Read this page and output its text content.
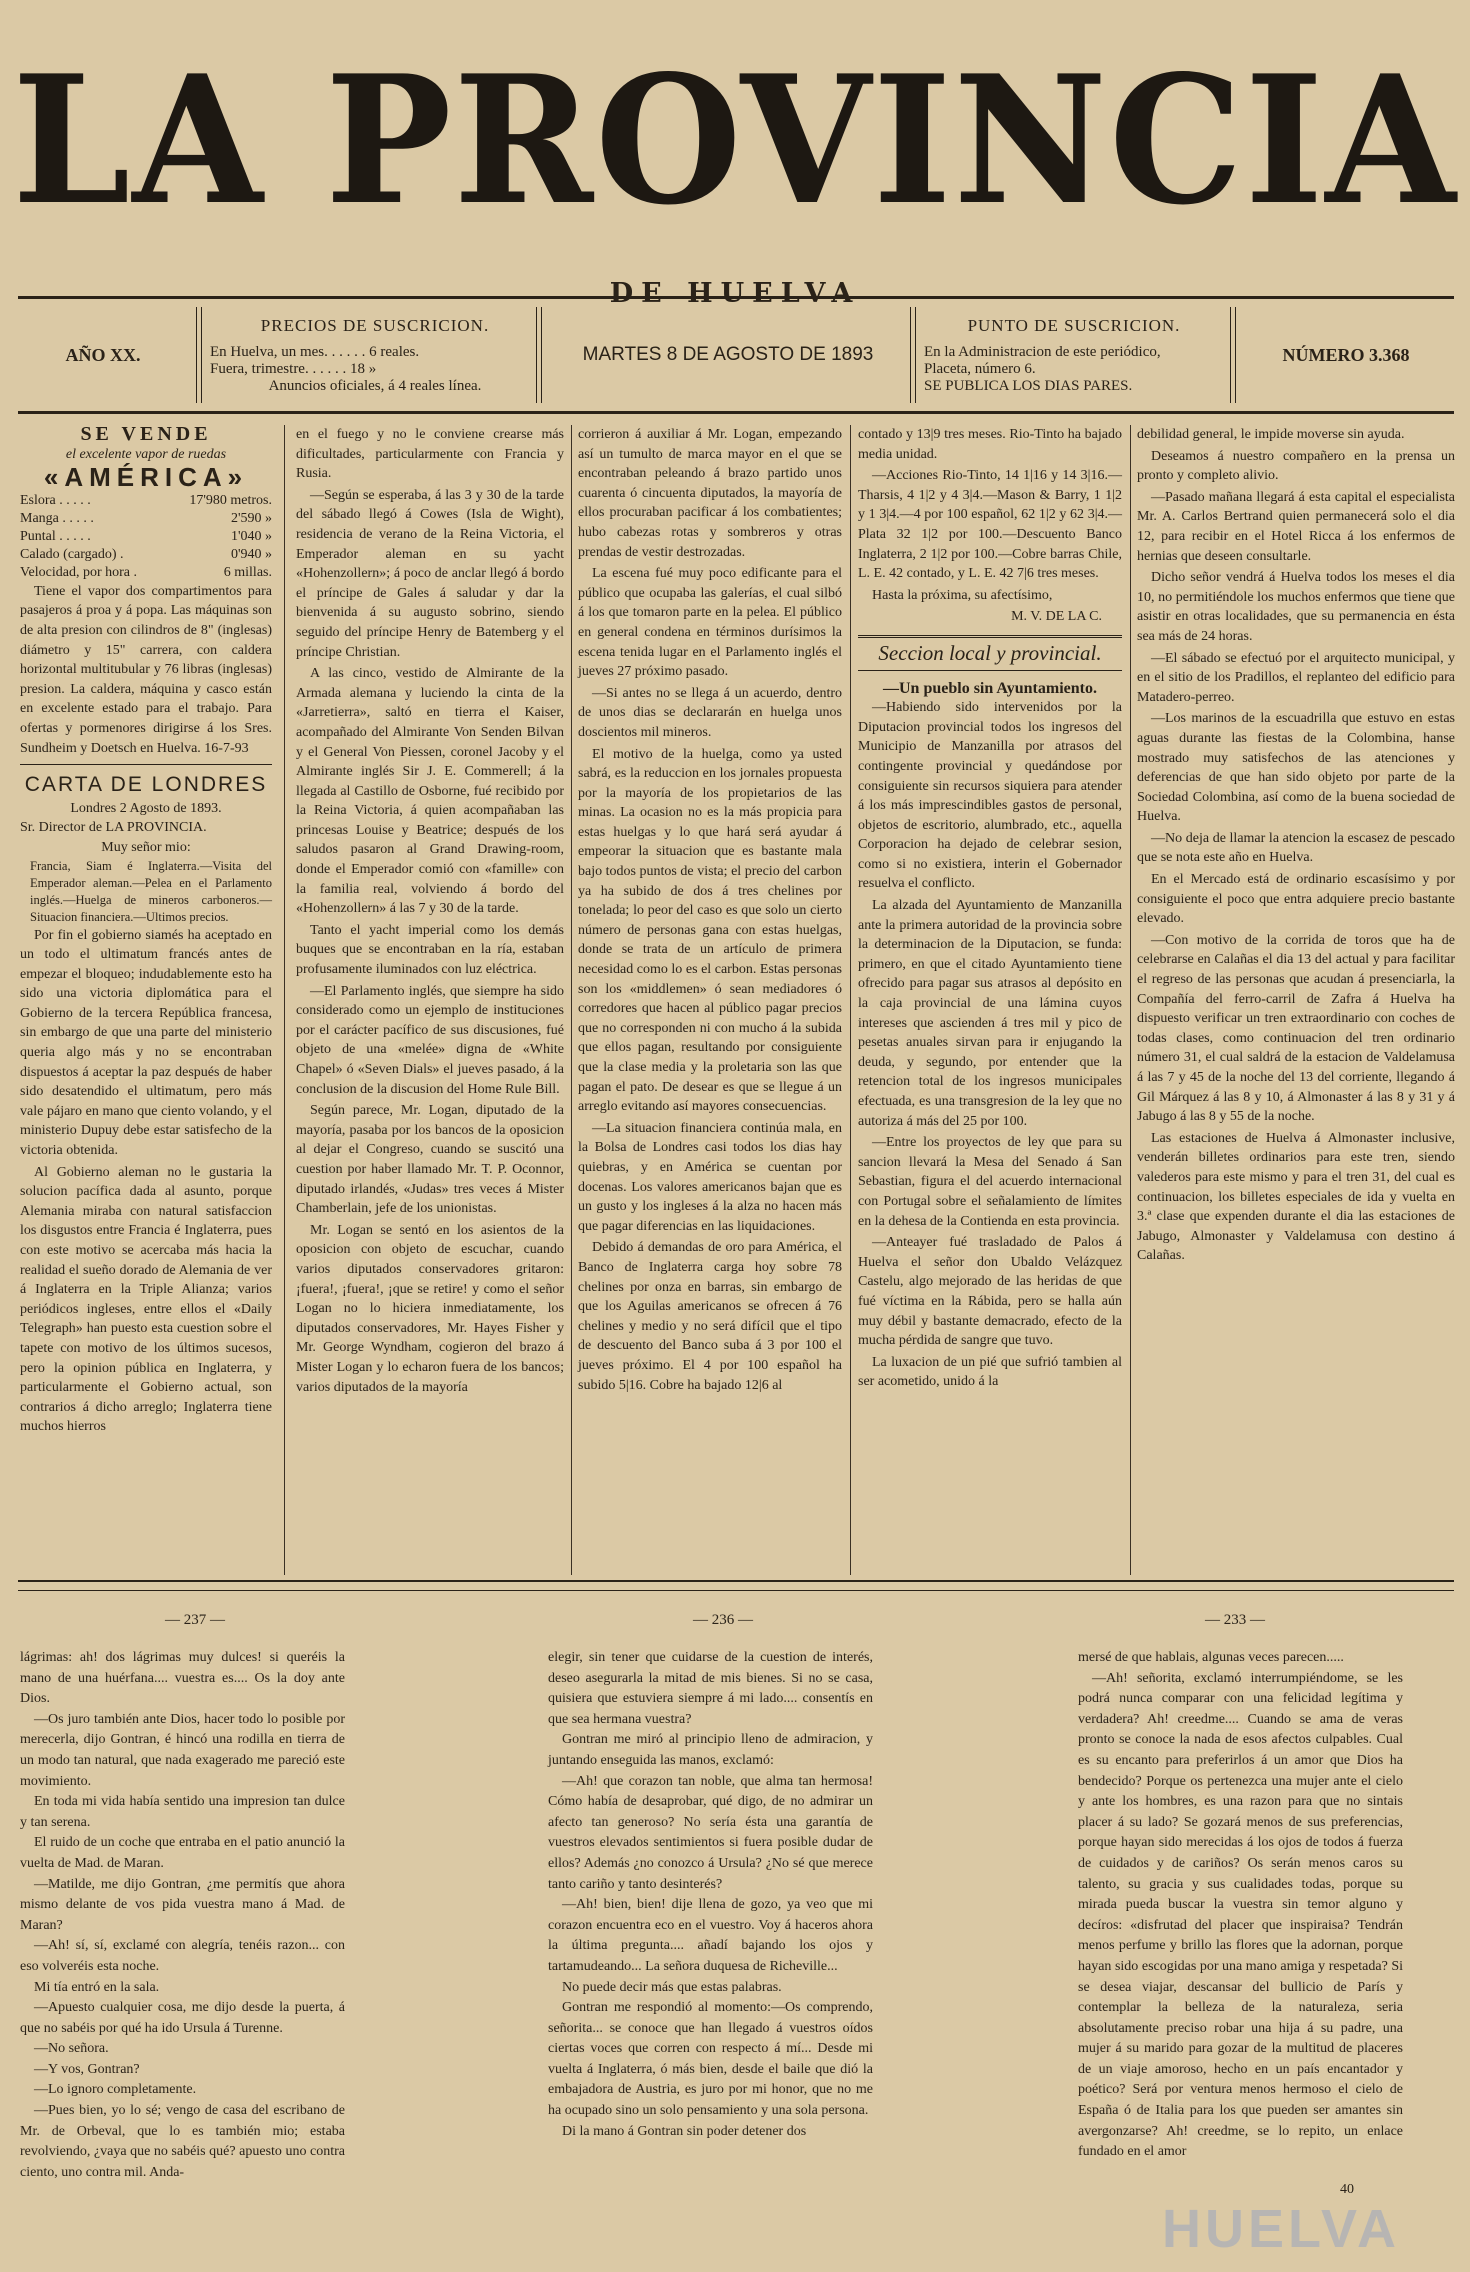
LA PROVINCIA
DE HUELVA
AÑO XX.
PRECIOS DE SUSCRICION.
En Huelva, un mes. . . . . . 6 reales.
Fuera, trimestre. . . . . . 18 »
Anuncios oficiales, á 4 reales línea.
MARTES 8 DE AGOSTO DE 1893
PUNTO DE SUSCRICION.
En la Administracion de este periódico,
Placeta, número 6.
SE PUBLICA LOS DIAS PARES.
NÚMERO 3.368
SE VENDE
el excelente vapor de ruedas
«AMÉRICA»
Eslora . . . . .	17'980 metros.
Manga . . . . .	2'590 »
Puntal . . . . .	1'040 »
Calado (cargado) .	0'940 »
Velocidad, por hora .	6 millas.

Tiene el vapor dos compartimentos para pasajeros á proa y á popa. Las máquinas son de alta presion con cilindros de 8" (inglesas) diámetro y 15" carrera, con caldera horizontal multitubular y 76 libras (inglesas) presion. La caldera, máquina y casco están en excelente estado para el trabajo. Para ofertas y pormenores dirigirse á los Sres. Sundheim y Doetsch en Huelva. 16-7-93

CARTA DE LONDRES
Londres 2 Agosto de 1893.
Sr. Director de LA PROVINCIA.
Muy señor mio:
Francia, Siam é Inglaterra.—Visita del Emperador aleman.—Pelea en el Parlamento inglés.—Huelga de mineros carboneros.—Situacion financiera.—Ultimos precios.

Por fin el gobierno siamés ha aceptado en un todo el ultimatum francés antes de empezar el bloqueo; indudablemente esto ha sido una victoria diplomática para el Gobierno de la tercera República francesa, sin embargo de que una parte del ministerio queria algo más y no se encontraban dispuestos á aceptar la paz después de haber sido desatendido el ultimatum, pero más vale pájaro en mano que ciento volando, y el ministerio Dupuy debe estar satisfecho de la victoria obtenida.

Al Gobierno aleman no le gustaria la solucion pacífica dada al asunto, porque Alemania miraba con natural satisfaccion los disgustos entre Francia é Inglaterra, pues con este motivo se acercaba más hacia la realidad el sueño dorado de Alemania de ver á Inglaterra en la Triple Alianza; varios periódicos ingleses, entre ellos el «Daily Telegraph» han puesto esta cuestion sobre el tapete con motivo de los últimos sucesos, pero la opinion pública en Inglaterra, y particularmente el Gobierno actual, son contrarios á dicho arreglo; Inglaterra tiene muchos hierros

en el fuego y no le conviene crearse más dificultades, particularmente con Francia y Rusia.

—Según se esperaba, á las 3 y 30 de la tarde del sábado llegó á Cowes (Isla de Wight), residencia de verano de la Reina Victoria, el Emperador aleman en su yacht «Hohenzollern»; á poco de anclar llegó á bordo el príncipe de Gales á saludar y dar la bienvenida á su augusto sobrino, siendo seguido del príncipe Henry de Batemberg y el príncipe Christian.

A las cinco, vestido de Almirante de la Armada alemana y luciendo la cinta de la «Jarretierra», saltó en tierra el Kaiser, acompañado del Almirante Von Senden Bilvan y el General Von Piessen, coronel Jacoby y el Almirante inglés Sir J. E. Commerell; á la llegada al Castillo de Osborne, fué recibido por la Reina Victoria, á quien acompañaban las princesas Louise y Beatrice; después de los saludos pasaron al Grand Drawing-room, donde el Emperador comió con «famille» con la familia real, volviendo á bordo del «Hohenzollern» á las 7 y 30 de la tarde.

Tanto el yacht imperial como los demás buques que se encontraban en la ría, estaban profusamente iluminados con luz eléctrica.

—El Parlamento inglés, que siempre ha sido considerado como un ejemplo de instituciones por el carácter pacífico de sus discusiones, fué objeto de una «melée» digna de «White Chapel» ó «Seven Dials» el jueves pasado, á la conclusion de la discusion del Home Rule Bill.

Según parece, Mr. Logan, diputado de la mayoría, pasaba por los bancos de la oposicion al dejar el Congreso, cuando se suscitó una cuestion por haber llamado Mr. T. P. Oconnor, diputado irlandés, «Judas» tres veces á Mister Chamberlain, jefe de los unionistas.

Mr. Logan se sentó en los asientos de la oposicion con objeto de escuchar, cuando varios diputados conservadores gritaron: ¡fuera!, ¡fuera!, ¡que se retire! y como el señor Logan no lo hiciera inmediatamente, los diputados conservadores, Mr. Hayes Fisher y Mr. George Wyndham, cogieron del brazo á Mister Logan y lo echaron fuera de los bancos; varios diputados de la mayoría

corrieron á auxiliar á Mr. Logan, empezando así un tumulto de marca mayor en el que se encontraban peleando á brazo partido unos cuarenta ó cincuenta diputados, la mayoría de ellos procuraban pacificar á los combatientes; hubo cabezas rotas y sombreros y otras prendas de vestir destrozadas.

La escena fué muy poco edificante para el público que ocupaba las galerías, el cual silbó á los que tomaron parte en la pelea. El público en general condena en términos durísimos la escena tenida lugar en el Parlamento inglés el jueves 27 próximo pasado.

—Si antes no se llega á un acuerdo, dentro de unos dias se declararán en huelga unos doscientos mil mineros.

El motivo de la huelga, como ya usted sabrá, es la reduccion en los jornales propuesta por la mayoría de los propietarios de las minas. La ocasion no es la más propicia para estas huelgas y lo que hará será ayudar á empeorar la situacion que es bastante mala bajo todos puntos de vista; el precio del carbon ya ha subido de dos á tres chelines por tonelada; lo peor del caso es que solo un cierto número de personas gana con estas huelgas, donde se trata de un artículo de primera necesidad como lo es el carbon. Estas personas son los «middlemen» ó sean mediadores ó corredores que hacen al público pagar precios que no corresponden ni con mucho á la subida que ellos pagan, resultando por consiguiente que la clase media y la proletaria son las que pagan el pato. De desear es que se llegue á un arreglo evitando así mayores consecuencias.

—La situacion financiera continúa mala, en la Bolsa de Londres casi todos los dias hay quiebras, y en América se cuentan por docenas. Los valores americanos bajan que es un gusto y los ingleses á la alza no hacen más que pagar diferencias en las liquidaciones.

Debido á demandas de oro para América, el Banco de Inglaterra carga hoy sobre 78 chelines por onza en barras, sin embargo de que los Aguilas americanos se ofrecen á 76 chelines y medio y no será difícil que el tipo de descuento del Banco suba á 3 por 100 el jueves próximo. El 4 por 100 español ha subido 5|16. Cobre ha bajado 12|6 al

contado y 13|9 tres meses. Rio-Tinto ha bajado media unidad.

—Acciones Rio-Tinto, 14 1|16 y 14 3|16.—Tharsis, 4 1|2 y 4 3|4.—Mason & Barry, 1 1|2 y 1 3|4.—4 por 100 español, 62 1|2 y 62 3|4.—Plata 32 1|2 por 100.—Descuento Banco Inglaterra, 2 1|2 por 100.—Cobre barras Chile, L. E. 42 contado, y L. E. 42 7|6 tres meses.

Hasta la próxima, su afectísimo,

M. V. DE LA C.
Seccion local y provincial.
—Un pueblo sin Ayuntamiento.

—Habiendo sido intervenidos por la Diputacion provincial todos los ingresos del Municipio de Manzanilla por atrasos del contingente provincial y quedándose por consiguiente sin recursos siquiera para atender á los más imprescindibles gastos de personal, objetos de escritorio, alumbrado, etc., aquella Corporacion ha dejado de celebrar sesion, como si no existiera, interin el Gobernador resuelva el conflicto.

La alzada del Ayuntamiento de Manzanilla ante la primera autoridad de la provincia sobre la determinacion de la Diputacion, se funda: primero, en que el citado Ayuntamiento tiene ofrecido para pagar sus atrasos al depósito en la caja provincial de una lámina cuyos intereses que ascienden á tres mil y pico de pesetas anuales sirvan para ir enjugando la deuda, y segundo, por entender que la retencion total de los ingresos municipales efectuada, es una transgresion de la ley que no autoriza á más del 25 por 100.

—Entre los proyectos de ley que para su sancion llevará la Mesa del Senado á San Sebastian, figura el del acuerdo internacional con Portugal sobre el señalamiento de límites en la dehesa de la Contienda en esta provincia.

—Anteayer fué trasladado de Palos á Huelva el señor don Ubaldo Velázquez Castelu, algo mejorado de las heridas de que fué víctima en la Rábida, pero se halla aún muy débil y bastante demacrado, efecto de la mucha pérdida de sangre que tuvo.

La luxacion de un pié que sufrió tambien al ser acometido, unido á la

debilidad general, le impide moverse sin ayuda.

Deseamos á nuestro compañero en la prensa un pronto y completo alivio.

—Pasado mañana llegará á esta capital el especialista Mr. A. Carlos Bertrand quien permanecerá solo el dia 12, para recibir en el Hotel Ricca á los enfermos de hernias que deseen consultarle.

Dicho señor vendrá á Huelva todos los meses el dia 10, no permitiéndole los muchos enfermos que tiene que asistir en otras localidades, que su permanencia en ésta sea más de 24 horas.

—El sábado se efectuó por el arquitecto municipal, y en el sitio de los Pradillos, el replanteo del edificio para Matadero-perreo.

—Los marinos de la escuadrilla que estuvo en estas aguas durante las fiestas de la Colombina, hanse mostrado muy satisfechos de las atenciones y deferencias de que han sido objeto por parte de la Sociedad Colombina, así como de la buena sociedad de Huelva.

—No deja de llamar la atencion la escasez de pescado que se nota este año en Huelva.

En el Mercado está de ordinario escasísimo y por consiguiente el poco que entra adquiere precio bastante elevado.

—Con motivo de la corrida de toros que ha de celebrarse en Calañas el dia 13 del actual y para facilitar el regreso de las personas que acudan á presenciarla, la Compañía del ferro-carril de Zafra á Huelva ha dispuesto verificar un tren extraordinario con coches de todas clases, como continuacion del tren ordinario número 31, el cual saldrá de la estacion de Valdelamusa á las 7 y 45 de la noche del 13 del corriente, llegando á Gil Márquez á las 8 y 10, á Almonaster á las 8 y 31 y á Jabugo á las 8 y 55 de la noche.

Las estaciones de Huelva á Almonaster inclusive, venderán billetes ordinarios para este tren, siendo valederos para este mismo y para el tren 31, del cual es continuacion, los billetes especiales de ida y vuelta en 3.ª clase que expenden durante el dia las estaciones de Jabugo, Almonaster y Valdelamusa con destino á Calañas.

— 237 —	— 236 —	— 233 —

lágrimas: ah! dos lágrimas muy dulces! si queréis la mano de una huérfana.... vuestra es.... Os la doy ante Dios.

—Os juro también ante Dios, hacer todo lo posible por merecerla, dijo Gontran, é hincó una rodilla en tierra de un modo tan natural, que nada exagerado me pareció este movimiento.

En toda mi vida había sentido una impresion tan dulce y tan serena.

El ruido de un coche que entraba en el patio anunció la vuelta de Mad. de Maran.

—Matilde, me dijo Gontran, ¿me permitís que ahora mismo delante de vos pida vuestra mano á Mad. de Maran?

—Ah! sí, sí, exclamé con alegría, tenéis razon... con eso volveréis esta noche.

Mi tía entró en la sala.

—Apuesto cualquier cosa, me dijo desde la puerta, á que no sabéis por qué ha ido Ursula á Turenne.

—No señora.

—Y vos, Gontran?

—Lo ignoro completamente.

—Pues bien, yo lo sé; vengo de casa del escribano de Mr. de Orbeval, que lo es también mio; estaba revolviendo, ¿vaya que no sabéis qué? apuesto uno contra ciento, uno contra mil. Anda-

elegir, sin tener que cuidarse de la cuestion de interés, deseo asegurarla la mitad de mis bienes. Si no se casa, quisiera que estuviera siempre á mi lado.... consentís en que sea hermana vuestra?

Gontran me miró al principio lleno de admiracion, y juntando enseguida las manos, exclamó:

—Ah! que corazon tan noble, que alma tan hermosa! Cómo había de desaprobar, qué digo, de no admirar un afecto tan generoso? No sería ésta una garantía de vuestros elevados sentimientos si fuera posible dudar de ellos? Además ¿no conozco á Ursula? ¿No sé que merece tanto cariño y tanto desinterés?

—Ah! bien, bien! dije llena de gozo, ya veo que mi corazon encuentra eco en el vuestro. Voy á haceros ahora la última pregunta.... añadí bajando los ojos y tartamudeando... La señora duquesa de Richeville...

No puede decir más que estas palabras.

Gontran me respondió al momento:—Os comprendo, señorita... se conoce que han llegado á vuestros oídos ciertas voces que corren con respecto á mí... Desde mi vuelta á Inglaterra, ó más bien, desde el baile que dió la embajadora de Austria, es juro por mi honor, que no me ha ocupado sino un solo pensamiento y una sola persona.

Di la mano á Gontran sin poder detener dos

mersé de que hablais, algunas veces parecen.....

—Ah! señorita, exclamó interrumpiéndome, se les podrá nunca comparar con una felicidad legítima y verdadera? Ah! creedme.... Cuando se ama de veras pronto se conoce la nada de esos afectos culpables. Cual es su encanto para preferirlos á un amor que Dios ha bendecido? Porque os pertenezca una mujer ante el cielo y ante los hombres, es una razon para que no sintais placer á su lado? Se gozará menos de sus preferencias, porque hayan sido merecidas á los ojos de todos á fuerza de cuidados y de cariños? Os serán menos caros su talento, su gracia y sus cualidades todas, porque su mirada pueda buscar la vuestra sin temor alguno y decíros: «disfrutad del placer que inspiraisa? Tendrán menos perfume y brillo las flores que la adornan, porque hayan sido escogidas por una mano amiga y respetada? Si se desea viajar, descansar del bullicio de París y contemplar la belleza de la naturaleza, seria absolutamente preciso robar una hija á su padre, una mujer á su marido para gozar de la multitud de placeres de un viaje amoroso, hecho en un país encantador y poético? Será por ventura menos hermoso el cielo de España ó de Italia para los que pueden ser amantes sin avergonzarse? Ah! creedme, se lo repito, un enlace fundado en el amor

HUELVA
40
